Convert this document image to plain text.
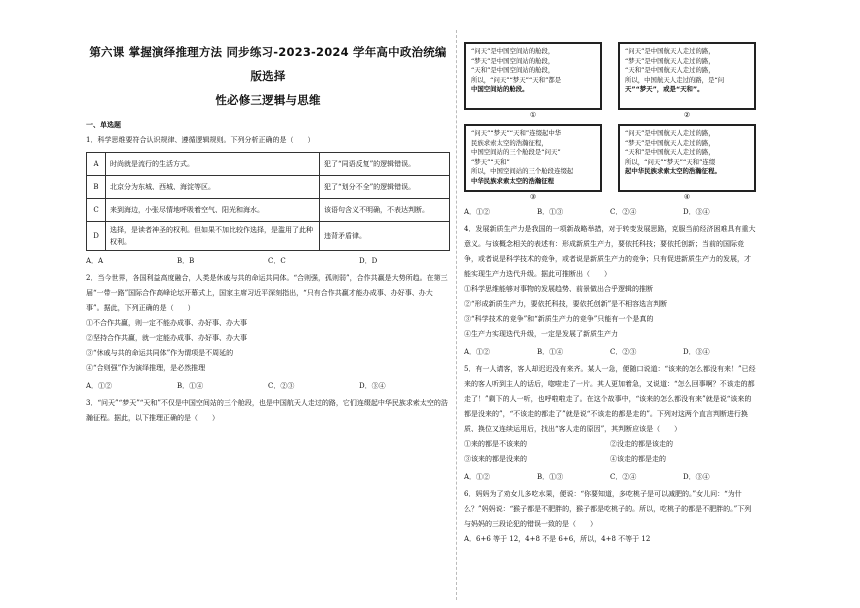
第六课 掌握演绎推理方法 同步练习-2023-2024 学年高中政治统编版选择
性必修三逻辑与思维
一、单选题
1．科学思维要符合认识规律、遵循逻辑规则。下列分析正确的是（　　）
A	时尚就是流行的生活方式。	犯了“同语反复”的逻辑错误。
B	北京分为东城、西城、海淀等区。	犯了“划分不全”的逻辑错误。
C	来到海边，小张尽情地呼吸着空气、阳光和海水。	该语句含义不明确，不表达判断。
D	选择，是读者神圣的权利。但如果不加比较作选择，是滥用了此种权利。	违背矛盾律。
A．A	B．B	C．C	D．D
2．当今世界，各国利益高度融合，人类是休戚与共的命运共同体。“合则强，孤则弱”，合作共赢是大势所趋。在第三届“一带一路”国际合作高峰论坛开幕式上，国家主席习近平深刻指出，“只有合作共赢才能办成事、办好事、办大事”。据此，下列正确的是（　　）
①不合作共赢，则一定不能办成事、办好事、办大事
②坚持合作共赢，就一定能办成事、办好事、办大事
③“休戚与共的命运共同体”作为谓项是不周延的
④“合则强”作为演绎推理，是必然推理
A．①②	B．①④	C．②③	D．③④
3．“问天”“梦天”“天和”不仅是中国空间站的三个舱段，也是中国航天人走过的路，它们连缀起中华民族求索太空的浩瀚征程。据此，以下推理正确的是（　　）
“问天”是中国空间站的舱段，
“梦天”是中国空间站的舱段，
“天和”是中国空间站的舱段，
所以，“问天”“梦天”“天和”都是
中国空间站的舱段。
①
“问天”是中国航天人走过的路，
“梦天”是中国航天人走过的路，
“天和”是中国航天人走过的路，
所以，中国航天人走过的路，是“问
天”“梦天”，或是“天和”。
②
“问天”“梦天”“天和”连缀起中华
民族求索太空的浩瀚征程，
中国空间站的三个舱段是“问天”
“梦天”“天和”
所以，中国空间站的三个舱段连缀起
中华民族求索太空的浩瀚征程
③
“问天”是中国航天人走过的路，
“梦天”是中国航天人走过的路，
“天和”是中国航天人走过的路，
所以，“问天”“梦天”“天和”连缀
起中华民族求索太空的浩瀚征程。
④
A．①②	B．①③	C．②④	D．③④
4．发展新质生产力是我国的一项新战略举措，对于转变发展思路，克服当前经济困难具有重大意义。与该概念相关的表述有：形成新质生产力，要依托科技；要依托创新；当前的国际竞争，或者说是科学技术的竞争，或者说是新质生产力的竞争；只有促进新质生产力的发展，才能实现生产力迭代升级。据此可推断出（　　）
①科学思维能够对事物的发展趋势、前景做出合乎逻辑的推断
②“形成新质生产力，要依托科技，要依托创新”是不相容选言判断
③“科学技术的竞争”和“新质生产力的竞争”只能有一个是真的
④生产力实现迭代升级，一定是发展了新质生产力
A．①②	B．①④	C．②③	D．③④
5．有一人请客，客人却迟迟没有来齐。某人一急，便随口说道：“该来的怎么都没有来！”已经来的客人听到主人的话后，唿啦走了一片。其人更加着急，又说道：“怎么回事啊？不该走的都走了！”剩下的人一听，也呼啦啦走了。在这个故事中，“该来的怎么都没有来”就是说“该来的都是没来的”，“不该走的都走了”就是说“不该走的都是走的”。下列对这两个直言判断进行换质、换位又连续运用后，找出“客人走的原因”，其判断应该是（　　）
①来的都是不该来的	②没走的都是该走的
③该来的都是没来的	④该走的都是走的
A．①②	B．①③	C．②④	D．③④
6．妈妈为了劝女儿多吃水果，便说：“你要知道，多吃桃子是可以减肥的。”女儿问：“为什么？”妈妈说：“猴子都是不肥胖的，猴子都是吃桃子的。所以，吃桃子的都是不肥胖的。”下列与妈妈的三段论犯的错误一致的是（　　）
A．6+6 等于 12，4+8 不是 6+6，所以，4+8 不等于 12
